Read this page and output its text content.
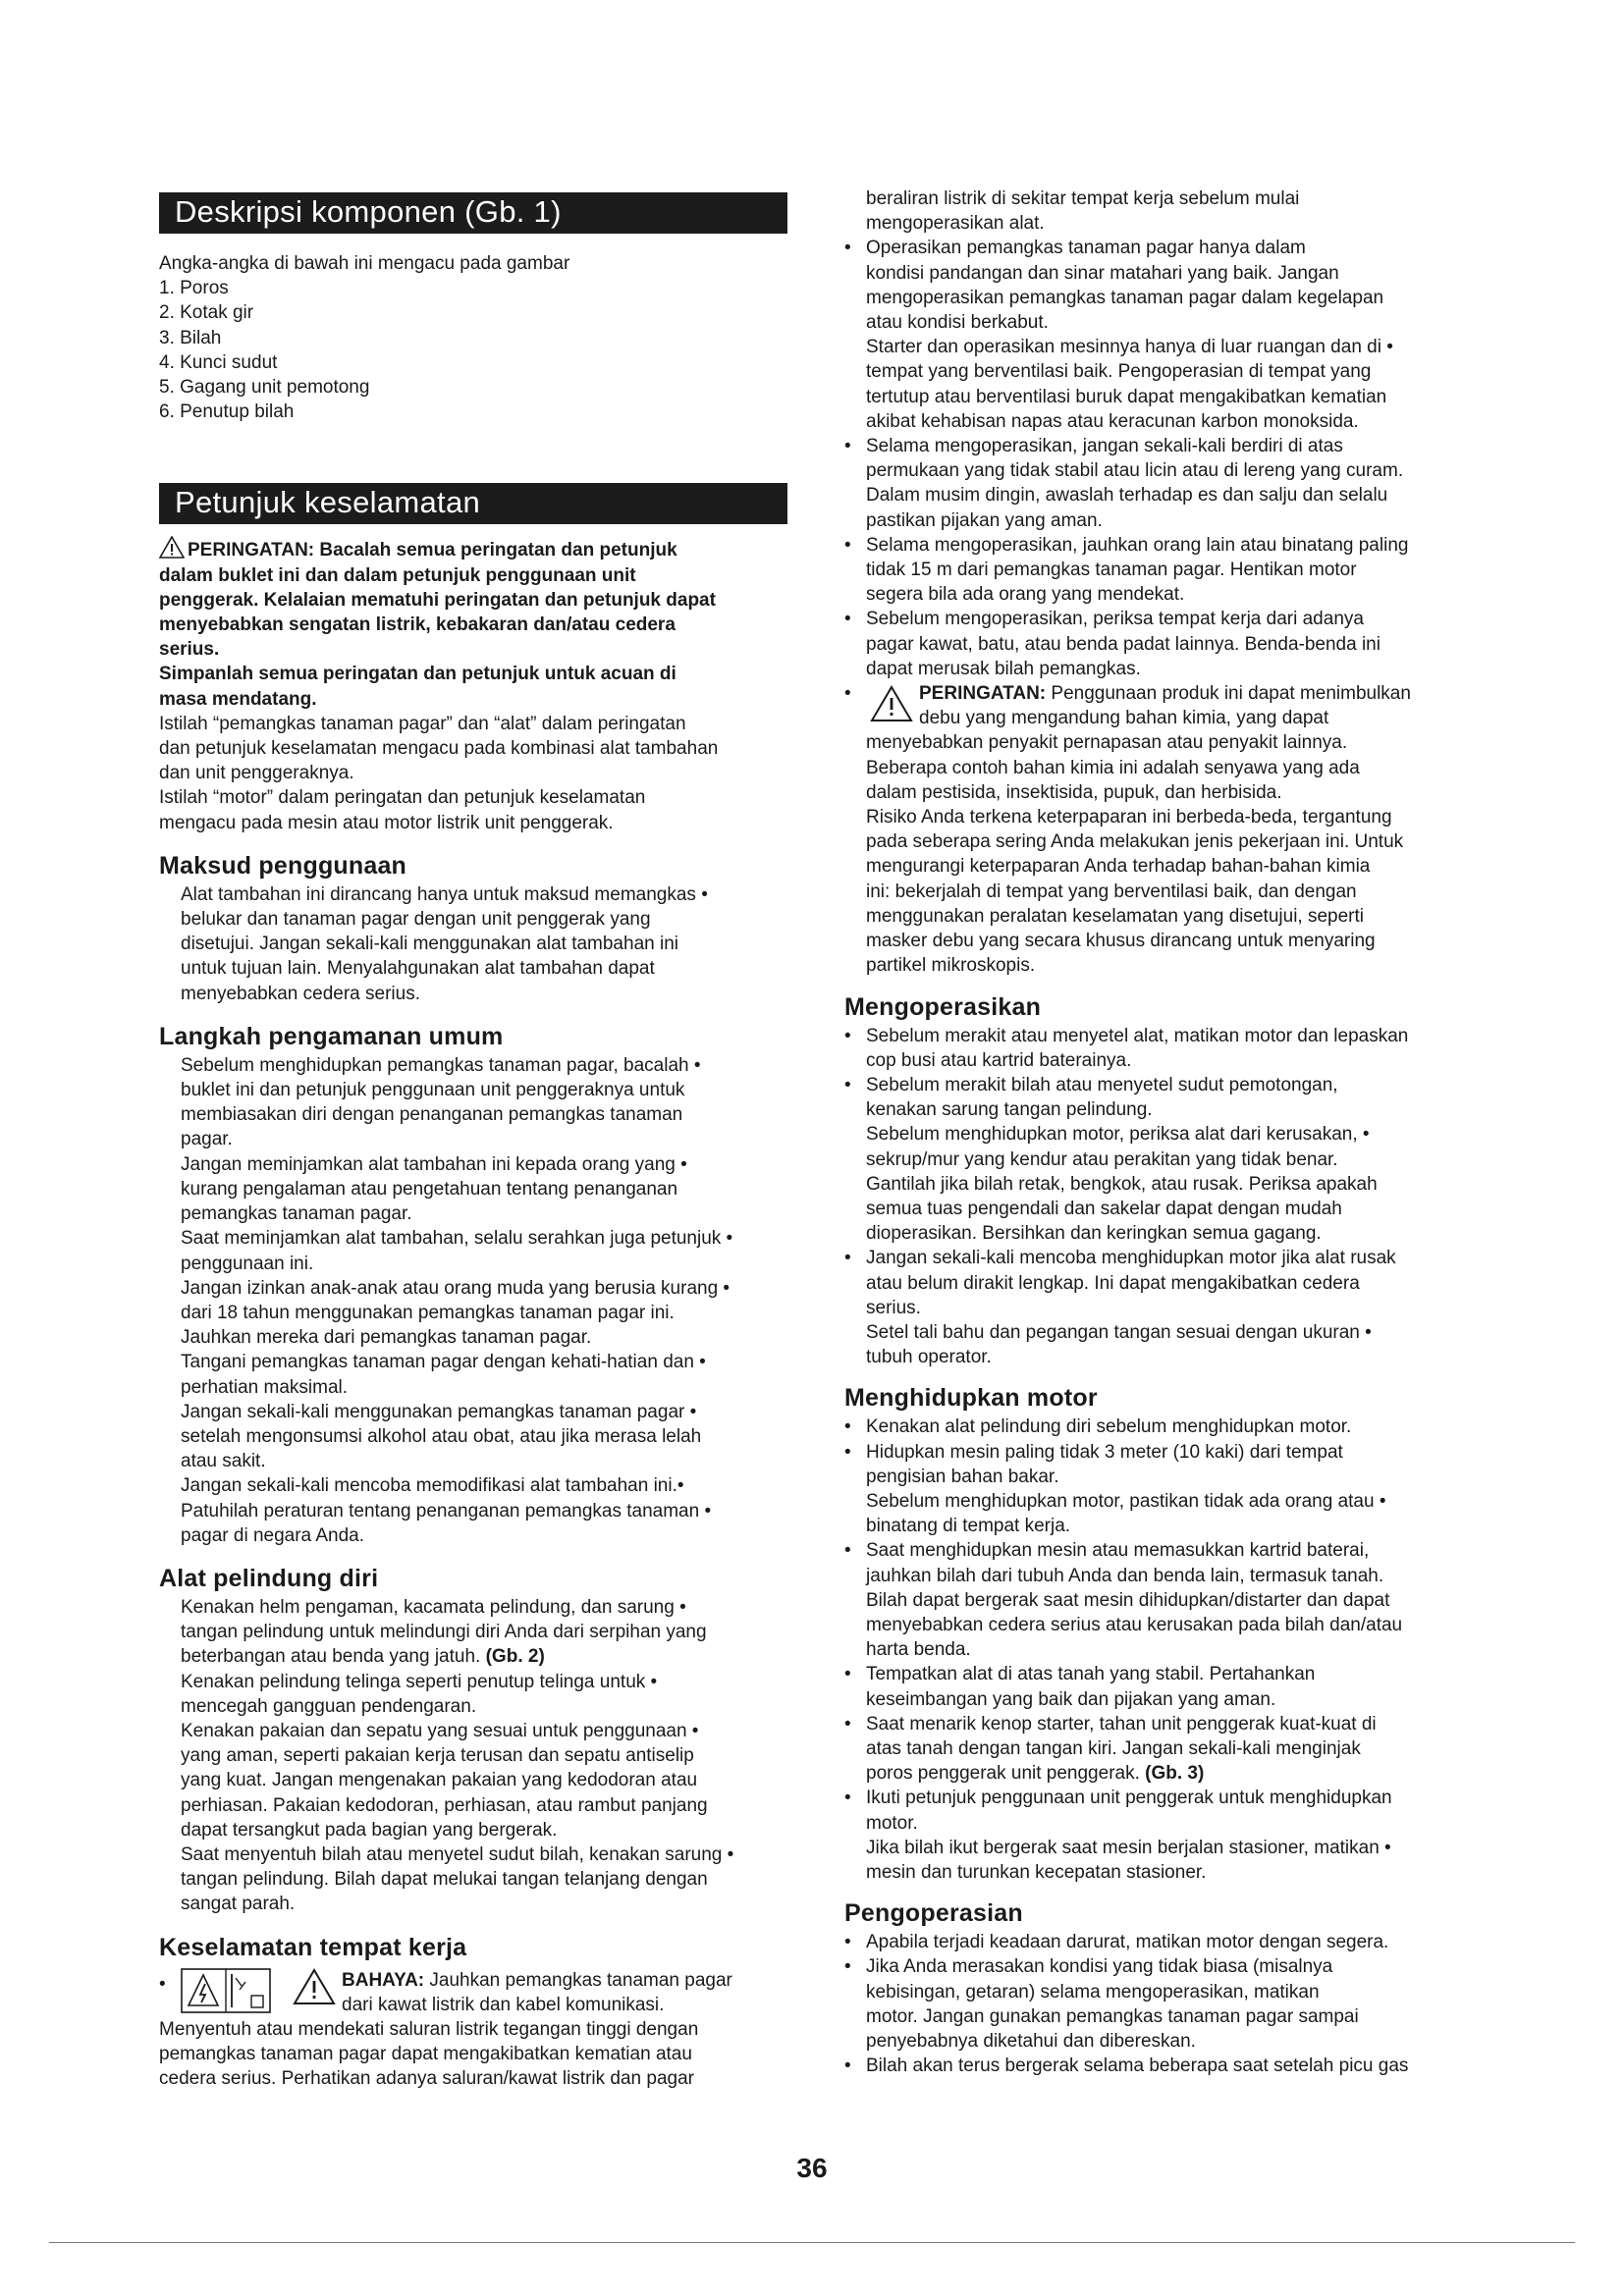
Deskripsi komponen (Gb. 1)

Angka-angka di bawah ini mengacu pada gambar

1. Poros
2. Kotak gir
3. Bilah
4. Kunci sudut
5. Gagang unit pemotong
6. Penutup bilah
Petunjuk keselamatan

PERINGATAN: Bacalah semua peringatan dan petunjuk

dalam buklet ini dan dalam petunjuk penggunaan unit

penggerak. Kelalaian mematuhi peringatan dan petunjuk dapat

menyebabkan sengatan listrik, kebakaran dan/atau cedera

serius.

Simpanlah semua peringatan dan petunjuk untuk acuan di

masa mendatang.

Istilah “pemangkas tanaman pagar” dan “alat” dalam peringatan

dan petunjuk keselamatan mengacu pada kombinasi alat tambahan

dan unit penggeraknya.

Istilah “motor” dalam peringatan dan petunjuk keselamatan

mengacu pada mesin atau motor listrik unit penggerak.

Maksud penggunaan

Alat tambahan ini dirancang hanya untuk maksud memangkas •

belukar dan tanaman pagar dengan unit penggerak yang

disetujui. Jangan sekali-kali menggunakan alat tambahan ini

untuk tujuan lain. Menyalahgunakan alat tambahan dapat

menyebabkan cedera serius.

Langkah pengamanan umum

Sebelum menghidupkan pemangkas tanaman pagar, bacalah •

buklet ini dan petunjuk penggunaan unit penggeraknya untuk

membiasakan diri dengan penanganan pemangkas tanaman

pagar.

Jangan meminjamkan alat tambahan ini kepada orang yang •

kurang pengalaman atau pengetahuan tentang penanganan

pemangkas tanaman pagar.

Saat meminjamkan alat tambahan, selalu serahkan juga petunjuk •

penggunaan ini.

Jangan izinkan anak-anak atau orang muda yang berusia kurang •

dari 18 tahun menggunakan pemangkas tanaman pagar ini.

Jauhkan mereka dari pemangkas tanaman pagar.

Tangani pemangkas tanaman pagar dengan kehati-hatian dan •

perhatian maksimal.

Jangan sekali-kali menggunakan pemangkas tanaman pagar •

setelah mengonsumsi alkohol atau obat, atau jika merasa lelah

atau sakit.

Jangan sekali-kali mencoba memodifikasi alat tambahan ini.•

Patuhilah peraturan tentang penanganan pemangkas tanaman •

pagar di negara Anda.

Alat pelindung diri

Kenakan helm pengaman, kacamata pelindung, dan sarung •

tangan pelindung untuk melindungi diri Anda dari serpihan yang

beterbangan atau benda yang jatuh. (Gb. 2)

Kenakan pelindung telinga seperti penutup telinga untuk •

mencegah gangguan pendengaran.

Kenakan pakaian dan sepatu yang sesuai untuk penggunaan •

yang aman, seperti pakaian kerja terusan dan sepatu antiselip

yang kuat. Jangan mengenakan pakaian yang kedodoran atau

perhiasan. Pakaian kedodoran, perhiasan, atau rambut panjang

dapat tersangkut pada bagian yang bergerak.

Saat menyentuh bilah atau menyetel sudut bilah, kenakan sarung •

tangan pelindung. Bilah dapat melukai tangan telanjang dengan

sangat parah.

Keselamatan tempat kerja
•	BAHAYA: Jauhkan pemangkas tanaman pagar

dari kawat listrik dan kabel komunikasi.

Menyentuh atau mendekati saluran listrik tegangan tinggi dengan

pemangkas tanaman pagar dapat mengakibatkan kematian atau

cedera serius. Perhatikan adanya saluran/kawat listrik dan pagar

beraliran listrik di sekitar tempat kerja sebelum mulai

mengoperasikan alat.

• Operasikan pemangkas tanaman pagar hanya dalam

kondisi pandangan dan sinar matahari yang baik. Jangan

mengoperasikan pemangkas tanaman pagar dalam kegelapan

atau kondisi berkabut.

Starter dan operasikan mesinnya hanya di luar ruangan dan di •

tempat yang berventilasi baik. Pengoperasian di tempat yang

tertutup atau berventilasi buruk dapat mengakibatkan kematian

akibat kehabisan napas atau keracunan karbon monoksida.

• Selama mengoperasikan, jangan sekali-kali berdiri di atas

permukaan yang tidak stabil atau licin atau di lereng yang curam.

Dalam musim dingin, awaslah terhadap es dan salju dan selalu

pastikan pijakan yang aman.

• Selama mengoperasikan, jauhkan orang lain atau binatang paling

tidak 15 m dari pemangkas tanaman pagar. Hentikan motor

segera bila ada orang yang mendekat.

• Sebelum mengoperasikan, periksa tempat kerja dari adanya

pagar kawat, batu, atau benda padat lainnya. Benda-benda ini

dapat merusak bilah pemangkas.

• PERINGATAN: Penggunaan produk ini dapat menimbulkan

debu yang mengandung bahan kimia, yang dapat

menyebabkan penyakit pernapasan atau penyakit lainnya.

Beberapa contoh bahan kimia ini adalah senyawa yang ada

dalam pestisida, insektisida, pupuk, dan herbisida.

Risiko Anda terkena keterpaparan ini berbeda-beda, tergantung

pada seberapa sering Anda melakukan jenis pekerjaan ini. Untuk

mengurangi keterpaparan Anda terhadap bahan-bahan kimia

ini: bekerjalah di tempat yang berventilasi baik, dan dengan

menggunakan peralatan keselamatan yang disetujui, seperti

masker debu yang secara khusus dirancang untuk menyaring

partikel mikroskopis.

Mengoperasikan

• Sebelum merakit atau menyetel alat, matikan motor dan lepaskan

cop busi atau kartrid baterainya.

• Sebelum merakit bilah atau menyetel sudut pemotongan,

kenakan sarung tangan pelindung.

Sebelum menghidupkan motor, periksa alat dari kerusakan, •

sekrup/mur yang kendur atau perakitan yang tidak benar.

Gantilah jika bilah retak, bengkok, atau rusak. Periksa apakah

semua tuas pengendali dan sakelar dapat dengan mudah

dioperasikan. Bersihkan dan keringkan semua gagang.

• Jangan sekali-kali mencoba menghidupkan motor jika alat rusak

atau belum dirakit lengkap. Ini dapat mengakibatkan cedera

serius.

Setel tali bahu dan pegangan tangan sesuai dengan ukuran •

tubuh operator.

Menghidupkan motor

• Kenakan alat pelindung diri sebelum menghidupkan motor.

• Hidupkan mesin paling tidak 3 meter (10 kaki) dari tempat

pengisian bahan bakar.

Sebelum menghidupkan motor, pastikan tidak ada orang atau •

binatang di tempat kerja.

• Saat menghidupkan mesin atau memasukkan kartrid baterai,

jauhkan bilah dari tubuh Anda dan benda lain, termasuk tanah.

Bilah dapat bergerak saat mesin dihidupkan/distarter dan dapat

menyebabkan cedera serius atau kerusakan pada bilah dan/atau

harta benda.

• Tempatkan alat di atas tanah yang stabil. Pertahankan

keseimbangan yang baik dan pijakan yang aman.

• Saat menarik kenop starter, tahan unit penggerak kuat-kuat di

atas tanah dengan tangan kiri. Jangan sekali-kali menginjak

poros penggerak unit penggerak. (Gb. 3)

• Ikuti petunjuk penggunaan unit penggerak untuk menghidupkan

motor.

Jika bilah ikut bergerak saat mesin berjalan stasioner, matikan •

mesin dan turunkan kecepatan stasioner.

Pengoperasian

• Apabila terjadi keadaan darurat, matikan motor dengan segera.

• Jika Anda merasakan kondisi yang tidak biasa (misalnya

kebisingan, getaran) selama mengoperasikan, matikan

motor. Jangan gunakan pemangkas tanaman pagar sampai

penyebabnya diketahui dan dibereskan.

• Bilah akan terus bergerak selama beberapa saat setelah picu gas

36
